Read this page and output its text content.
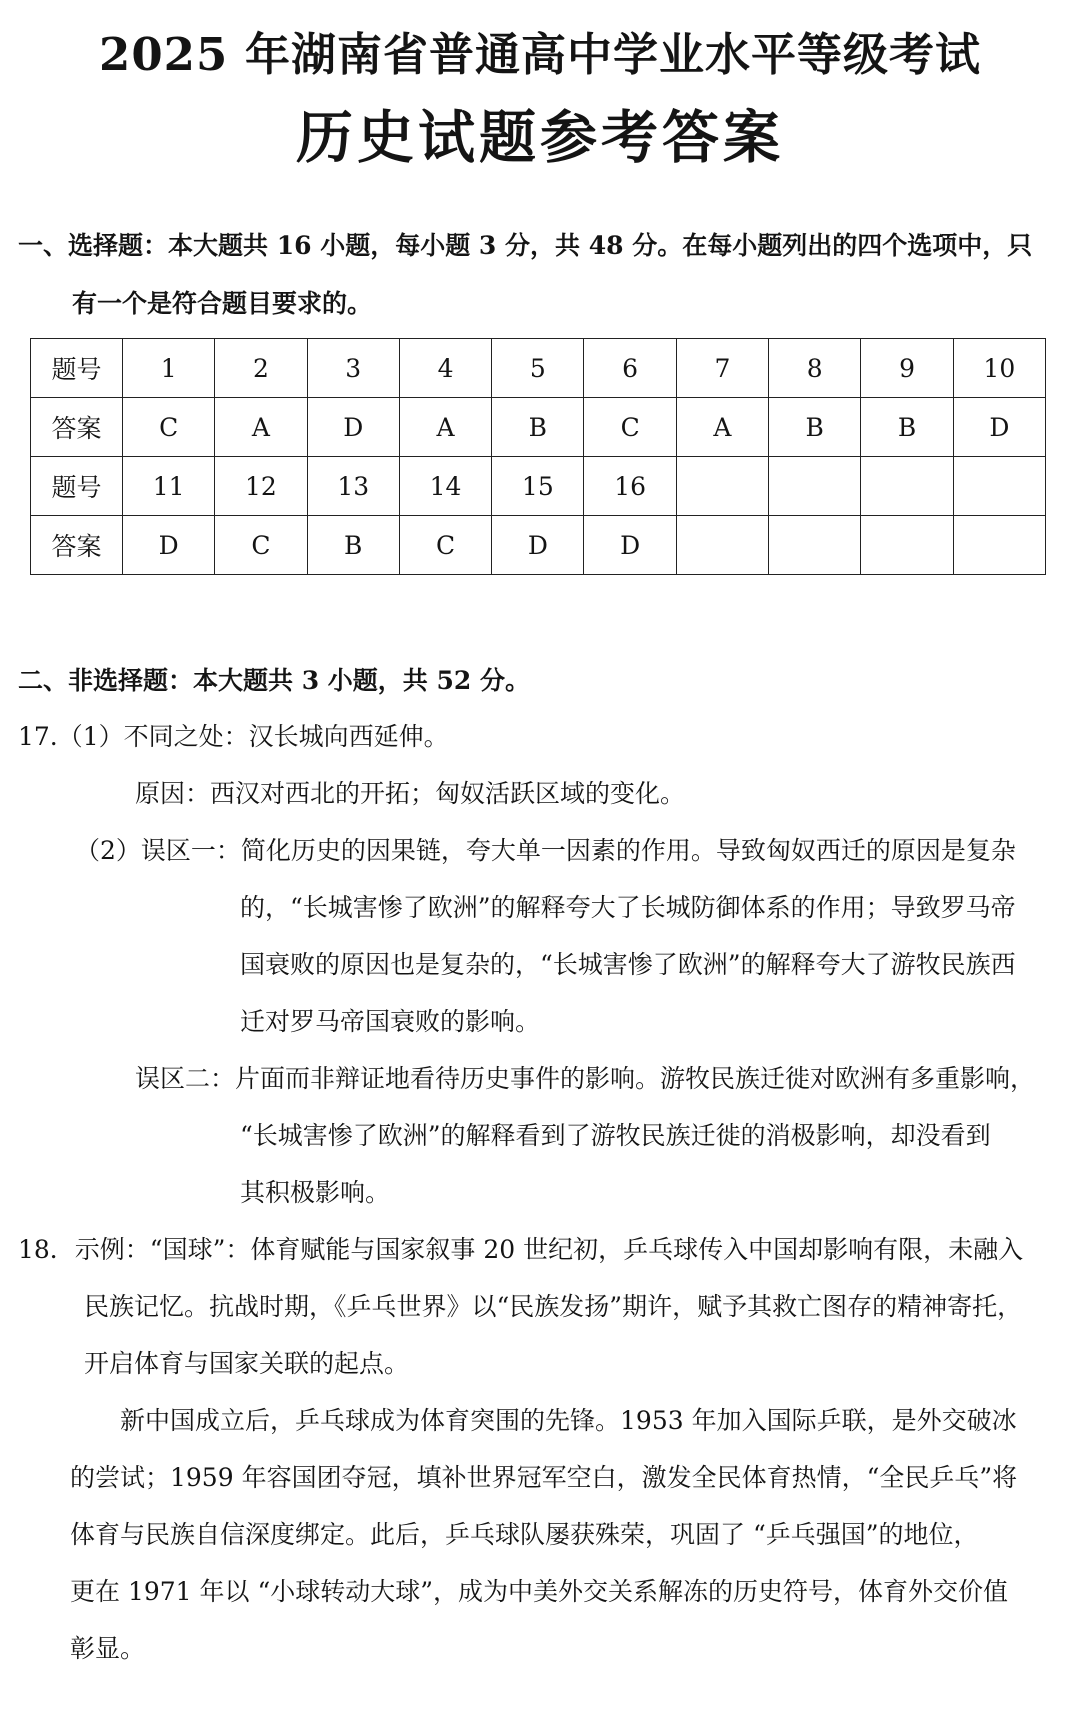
2025 年湖南省普通高中学业水平等级考试
历史试题参考答案
一、选择题：本大题共 16 小题，每小题 3 分，共 48 分。在每小题列出的四个选项中，只
有一个是符合题目要求的。
题号	1	2	3	4	5	6	7	8	9	10
答案	C	A	D	A	B	C	A	B	B	D
题号	11	12	13	14	15	16				
答案	D	C	B	C	D	D				
二、非选择题：本大题共 3 小题，共 52 分。
17.（1）不同之处：汉长城向西延伸。
原因：西汉对西北的开拓；匈奴活跃区域的变化。
（2）误区一：简化历史的因果链，夸大单一因素的作用。导致匈奴西迁的原因是复杂
的，“长城害惨了欧洲”的解释夸大了长城防御体系的作用；导致罗马帝
国衰败的原因也是复杂的，“长城害惨了欧洲”的解释夸大了游牧民族西
迁对罗马帝国衰败的影响。
误区二：片面而非辩证地看待历史事件的影响。游牧民族迁徙对欧洲有多重影响，
“长城害惨了欧洲”的解释看到了游牧民族迁徙的消极影响，却没看到
其积极影响。
18．示例：“国球”：体育赋能与国家叙事 20 世纪初，乒乓球传入中国却影响有限，未融入
民族记忆。抗战时期，《乒乓世界》以“民族发扬”期许，赋予其救亡图存的精神寄托，
开启体育与国家关联的起点。
新中国成立后，乒乓球成为体育突围的先锋。1953 年加入国际乒联，是外交破冰
的尝试；1959 年容国团夺冠，填补世界冠军空白，激发全民体育热情，“全民乒乓”将
体育与民族自信深度绑定。此后，乒乓球队屡获殊荣，巩固了 “乒乓强国”的地位，
更在 1971 年以 “小球转动大球”，成为中美外交关系解冻的历史符号，体育外交价值
彰显。
